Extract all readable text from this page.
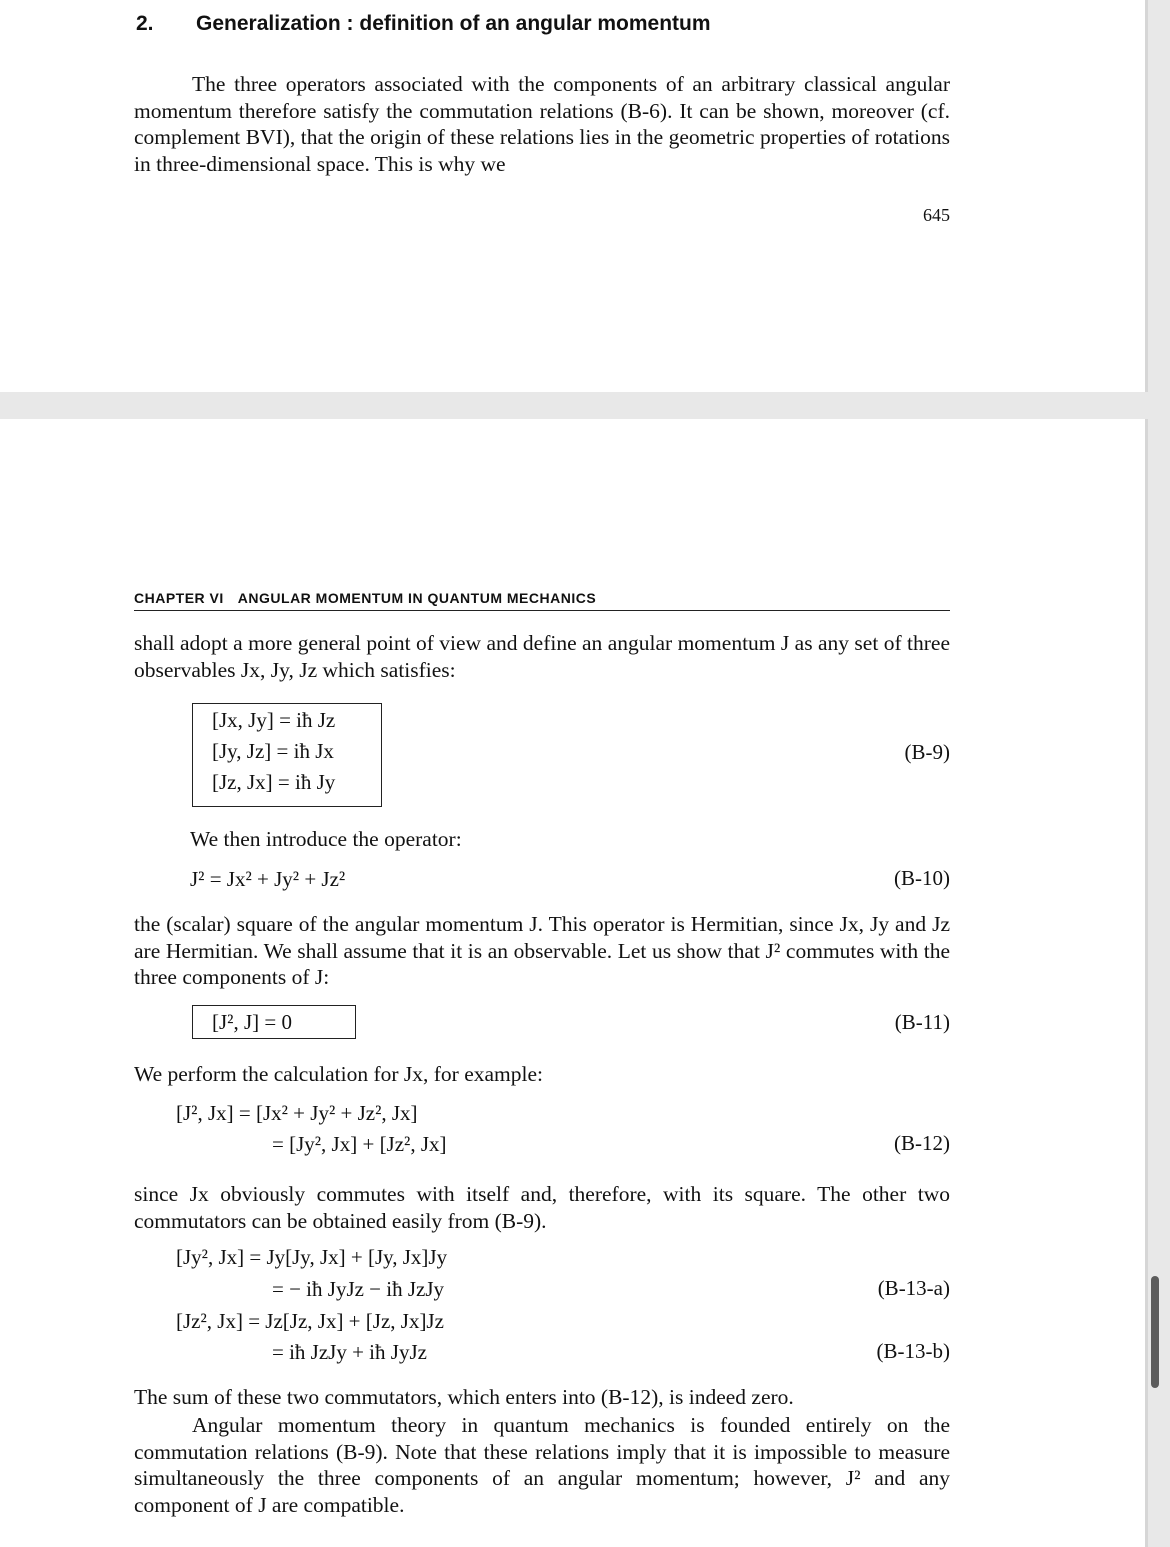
2. Generalization : definition of an angular momentum
The three operators associated with the components of an arbitrary classical angular momentum therefore satisfy the commutation relations (B-6). It can be shown, moreover (cf. complement BVI), that the origin of these relations lies in the geometric properties of rotations in three-dimensional space. This is why we
645
CHAPTER VI ANGULAR MOMENTUM IN QUANTUM MECHANICS
shall adopt a more general point of view and define an angular momentum J as any set of three observables Jx, Jy, Jz which satisfies:
[Jx, Jy] = iħ Jz
[Jy, Jz] = iħ Jx
[Jz, Jx] = iħ Jy
(B-9)
We then introduce the operator:
J² = Jx² + Jy² + Jz²	(B-10)
the (scalar) square of the angular momentum J. This operator is Hermitian, since Jx, Jy and Jz are Hermitian. We shall assume that it is an observable. Let us show that J² commutes with the three components of J:
[J², J] = 0	(B-11)
We perform the calculation for Jx, for example:
[J², Jx] = [Jx² + Jy² + Jz², Jx]
= [Jy², Jx] + [Jz², Jx]	(B-12)
since Jx obviously commutes with itself and, therefore, with its square. The other two commutators can be obtained easily from (B-9).
[Jy², Jx] = Jy[Jy, Jx] + [Jy, Jx]Jy
= − iħ JyJz − iħ JzJy	(B-13-a)
[Jz², Jx] = Jz[Jz, Jx] + [Jz, Jx]Jz
= iħ JzJy + iħ JyJz	(B-13-b)
The sum of these two commutators, which enters into (B-12), is indeed zero.
Angular momentum theory in quantum mechanics is founded entirely on the commutation relations (B-9). Note that these relations imply that it is impossible to measure simultaneously the three components of an angular momentum; however, J² and any component of J are compatible.
